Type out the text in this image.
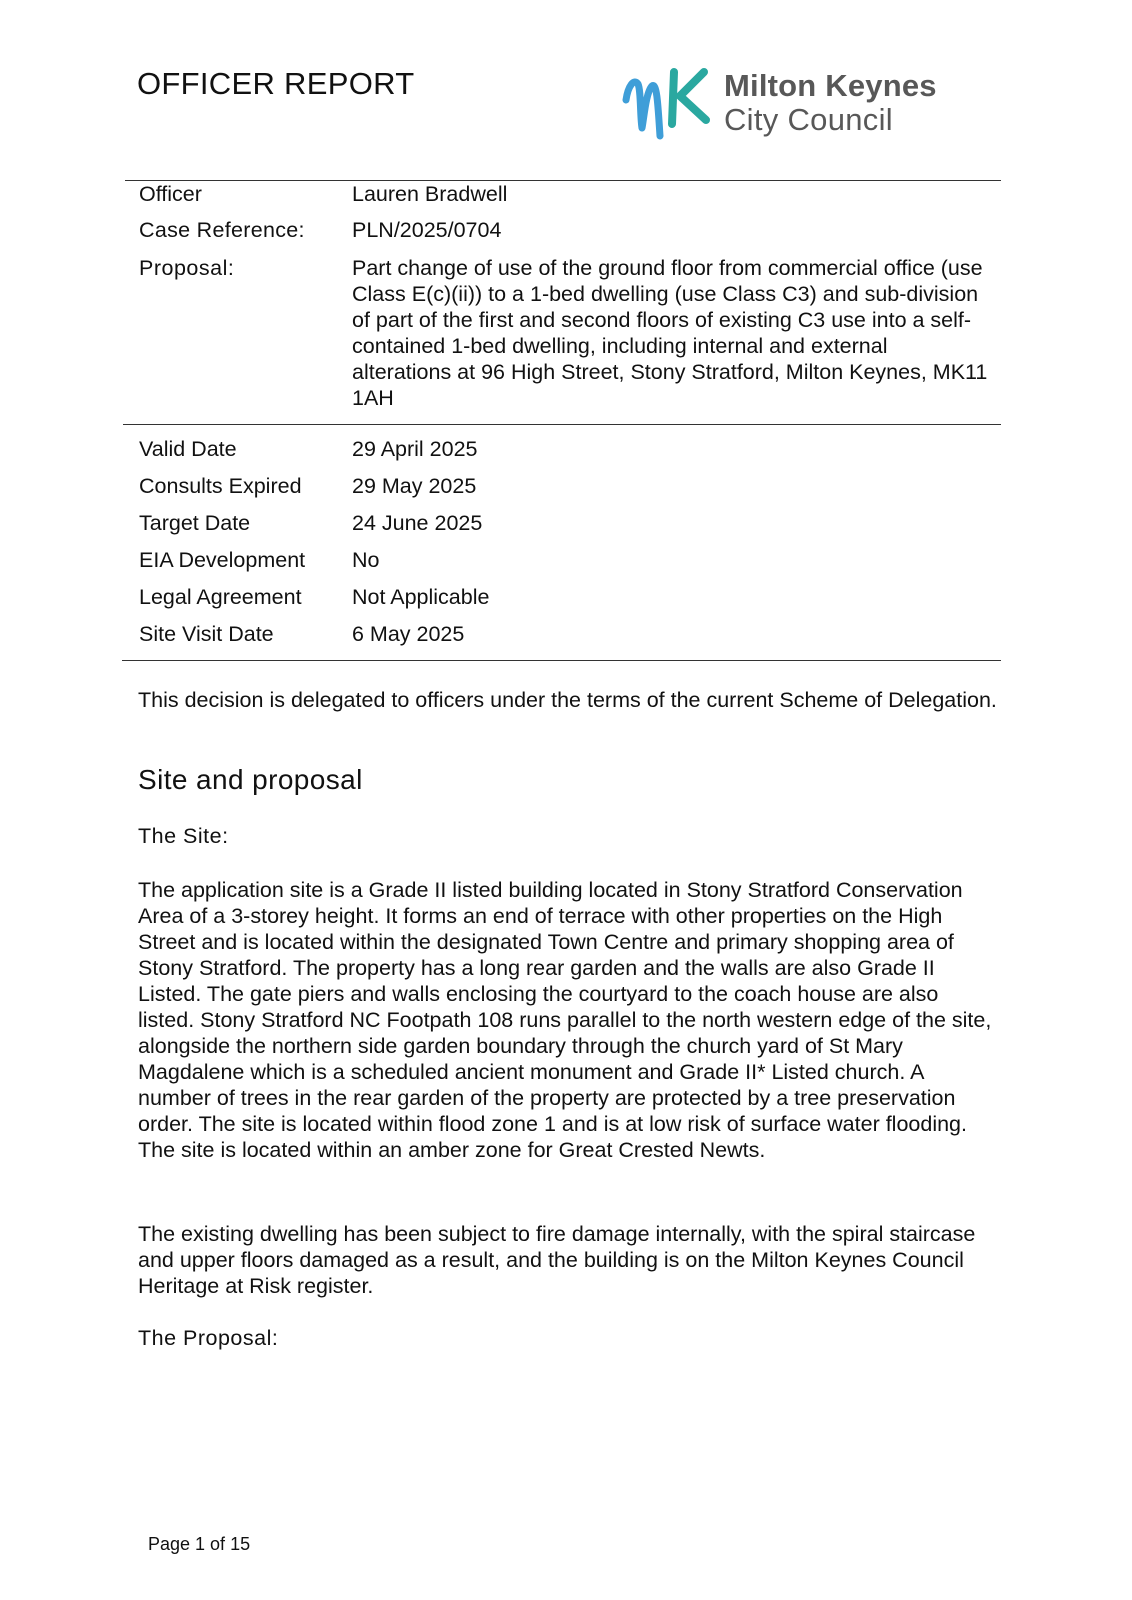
OFFICER REPORT	Milton Keynes
City Council
Officer	Lauren Bradwell
Case Reference: PLN/2025/0704
Proposal:	Part change of use of the ground floor from commercial office (use Class E(c)(ii)) to a 1-bed dwelling (use Class C3) and sub-division of part of the first and second floors of existing C3 use into a self-contained 1-bed dwelling, including internal and external alterations at 96 High Street, Stony Stratford, Milton Keynes, MK11 1AH
Valid Date	29 April 2025
Consults Expired 29 May 2025
Target Date	24 June 2025
EIA Development No
Legal Agreement Not Applicable
Site Visit Date	6 May 2025

This decision is delegated to officers under the terms of the current Scheme of Delegation.

Site and proposal
The Site:

The application site is a Grade II listed building located in Stony Stratford Conservation Area of a 3-storey height. It forms an end of terrace with other properties on the High Street and is located within the designated Town Centre and primary shopping area of Stony Stratford. The property has a long rear garden and the walls are also Grade II Listed. The gate piers and walls enclosing the courtyard to the coach house are also listed. Stony Stratford NC Footpath 108 runs parallel to the north western edge of the site, alongside the northern side garden boundary through the church yard of St Mary Magdalene which is a scheduled ancient monument and Grade II* Listed church. A number of trees in the rear garden of the property are protected by a tree preservation order. The site is located within flood zone 1 and is at low risk of surface water flooding. The site is located within an amber zone for Great Crested Newts.

The existing dwelling has been subject to fire damage internally, with the spiral staircase and upper floors damaged as a result, and the building is on the Milton Keynes Council Heritage at Risk register.

The Proposal:
Page 1 of 15
